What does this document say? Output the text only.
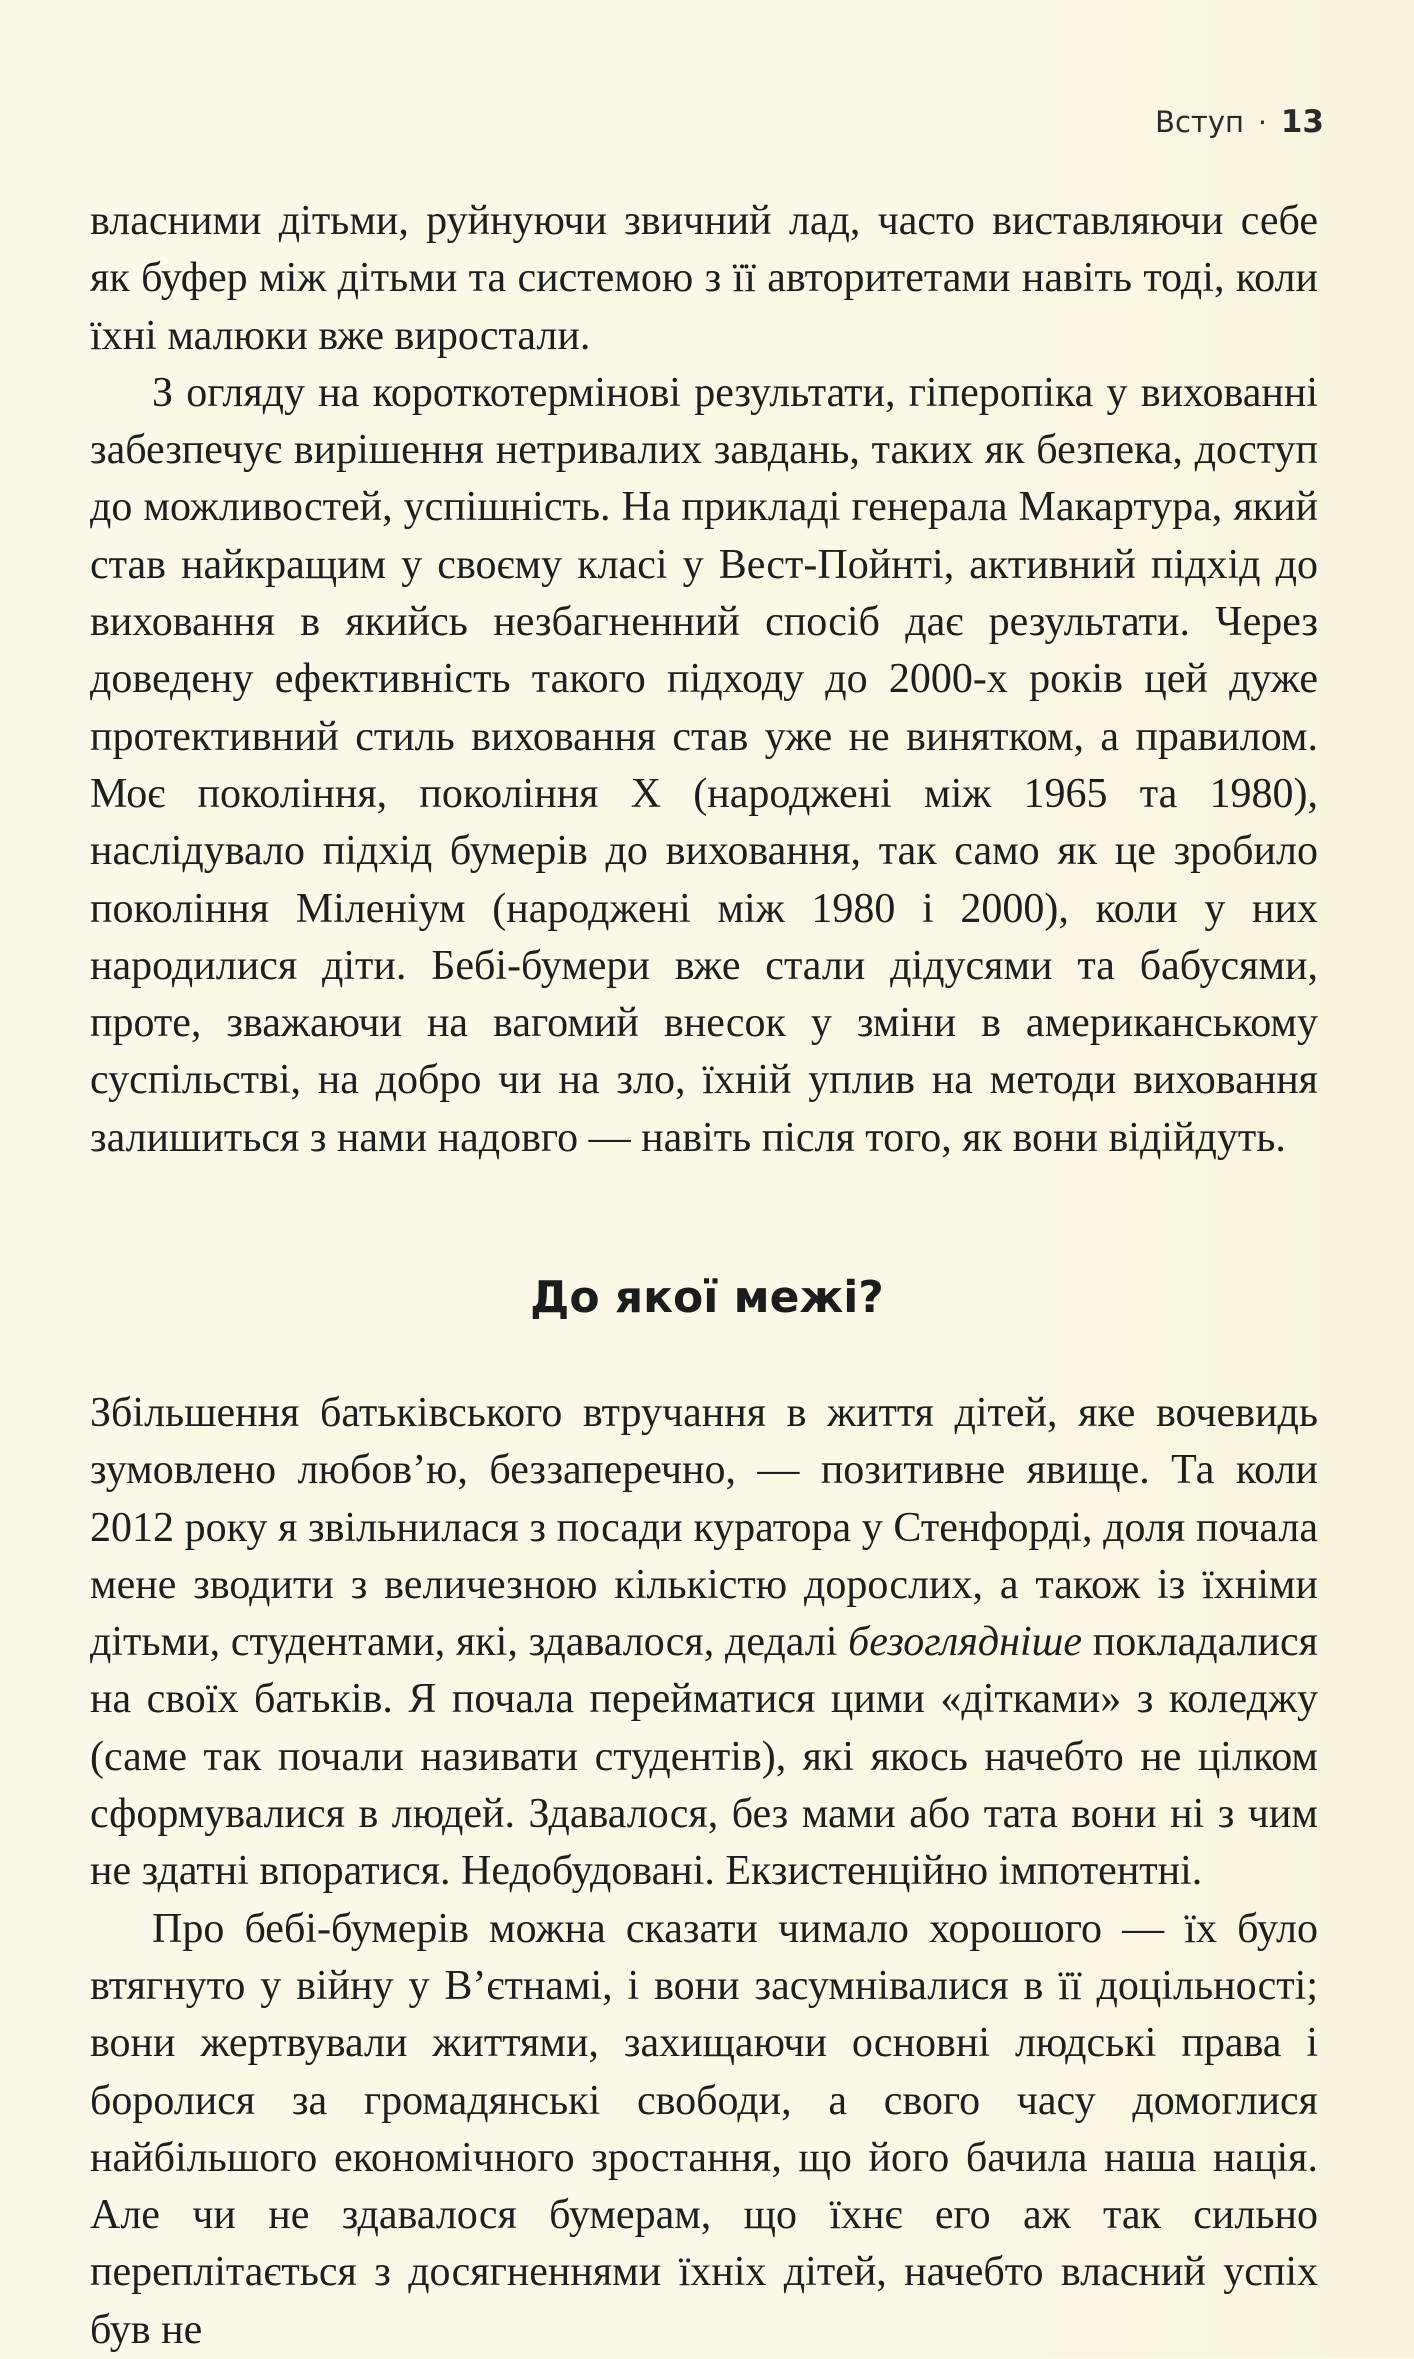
Вступ · 13

власними дітьми, руйнуючи звичний лад, часто виставляючи себе як буфер між дітьми та системою з її авторитетами навіть тоді, коли їхні малюки вже виростали.

З огляду на короткотермінові результати, гіперопіка у вихованні забезпечує вирішення нетривалих завдань, таких як безпека, доступ до можливостей, успішність. На прикладі генерала Макартура, який став найкращим у своєму класі у Вест-Пойнті, активний підхід до виховання в якийсь незбагненний спосіб дає результати. Через доведену ефективність такого підходу до 2000-х років цей дуже протективний стиль виховання став уже не винятком, а правилом. Моє покоління, покоління Х (народжені між 1965 та 1980), наслідувало підхід бумерів до виховання, так само як це зробило покоління Міленіум (народжені між 1980 і 2000), коли у них народилися діти. Бебі-бумери вже стали дідусями та бабусями, проте, зважаючи на вагомий внесок у зміни в американському суспільстві, на добро чи на зло, їхній уплив на методи виховання залишиться з нами надовго — навіть після того, як вони відійдуть.

До якої межі?

Збільшення батьківського втручання в життя дітей, яке вочевидь зумовлено любов’ю, беззаперечно, — позитивне явище. Та коли 2012 року я звільнилася з посади куратора у Стенфорді, доля почала мене зводити з величезною кількістю дорослих, а також із їхніми дітьми, студентами, які, здавалося, дедалі безоглядніше покладалися на своїх батьків. Я почала перейматися цими «дітками» з коледжу (саме так почали називати студентів), які якось начебто не цілком сформувалися в людей. Здавалося, без мами або тата вони ні з чим не здатні впоратися. Недобудовані. Екзистенційно імпотентні.

Про бебі-бумерів можна сказати чимало хорошого — їх було втягнуто у війну у В’єтнамі, і вони засумнівалися в її доцільності; вони жертвували життями, захищаючи основні людські права і боролися за громадянські свободи, а свого часу домоглися найбільшого економічного зростання, що його бачила наша нація. Але чи не здавалося бумерам, що їхнє его аж так сильно переплітається з досягненнями їхніх дітей, начебто власний успіх був не
